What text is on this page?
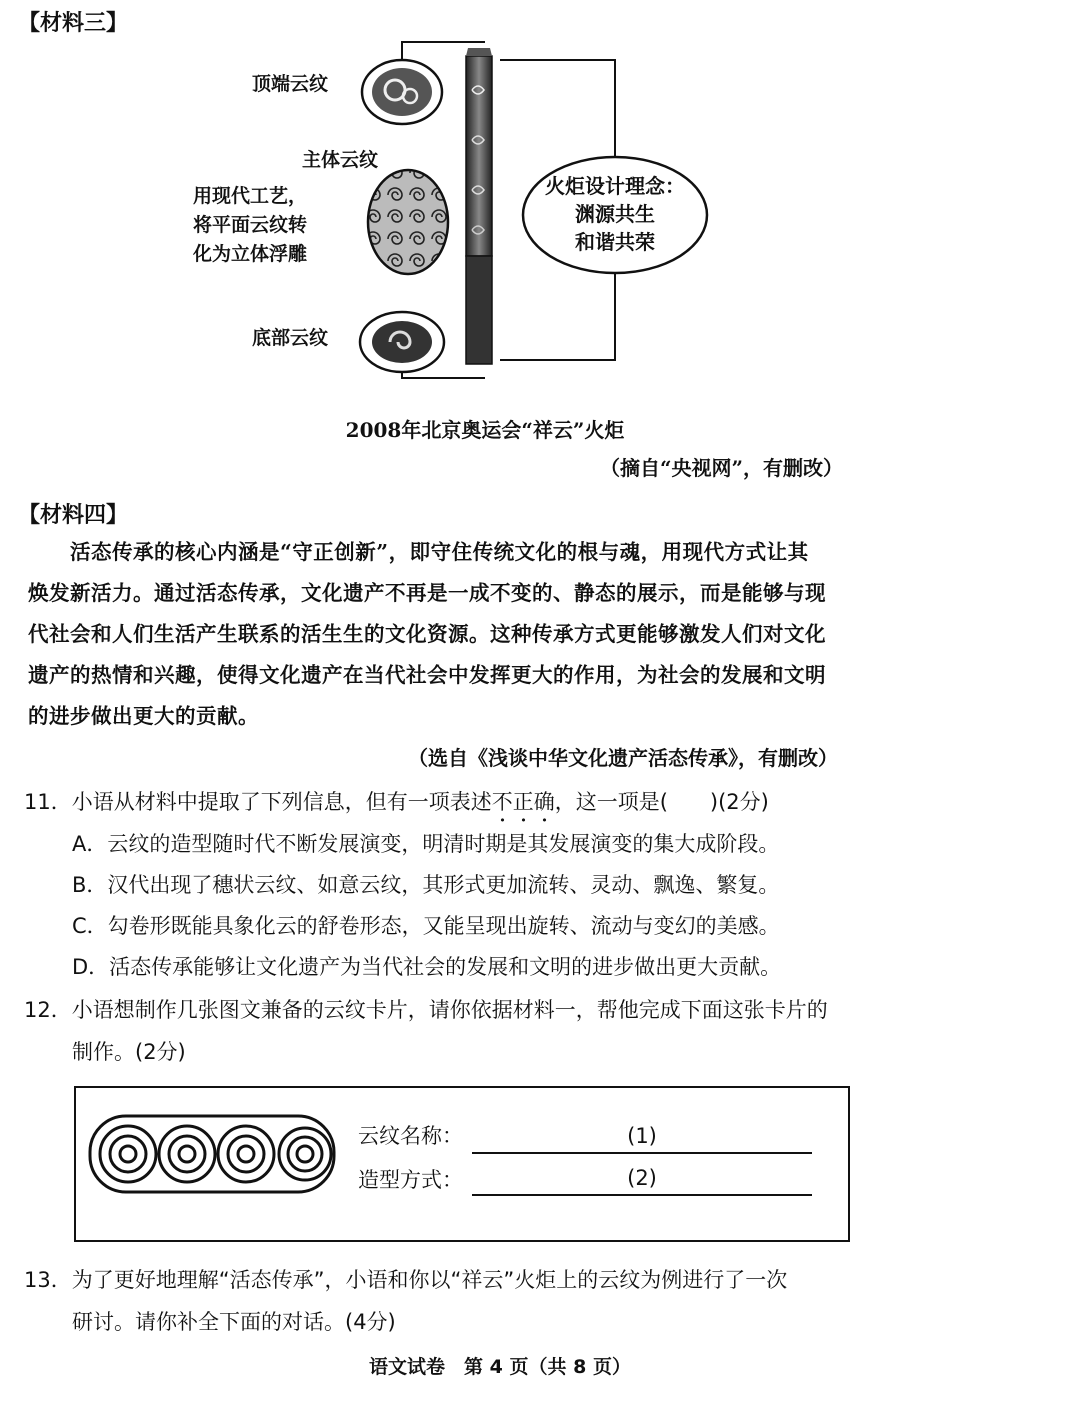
【材料三】
顶端云纹
主体云纹
用现代工艺，
将平面云纹转
化为立体浮雕
底部云纹
火炬设计理念：
渊源共生
和谐共荣
2008年北京奥运会“祥云”火炬
（摘自“央视网”，有删改）
【材料四】
活态传承的核心内涵是“守正创新”，即守住传统文化的根与魂，用现代方式让其
焕发新活力。通过活态传承，文化遗产不再是一成不变的、静态的展示，而是能够与现
代社会和人们生活产生联系的活生生的文化资源。这种传承方式更能够激发人们对文化
遗产的热情和兴趣，使得文化遗产在当代社会中发挥更大的作用，为社会的发展和文明
的进步做出更大的贡献。
（选自《浅谈中华文化遗产活态传承》，有删改）
11．小语从材料中提取了下列信息，但有一项表述不正确，这一项是(　　)(2分)
A．云纹的造型随时代不断发展演变，明清时期是其发展演变的集大成阶段。
B．汉代出现了穗状云纹、如意云纹，其形式更加流转、灵动、飘逸、繁复。
C．勾卷形既能具象化云的舒卷形态，又能呈现出旋转、流动与变幻的美感。
D．活态传承能够让文化遗产为当代社会的发展和文明的进步做出更大贡献。
12．小语想制作几张图文兼备的云纹卡片，请你依据材料一，帮他完成下面这张卡片的
制作。(2分)
云纹名称：	(1)
造型方式：	(2)
13．为了更好地理解“活态传承”，小语和你以“祥云”火炬上的云纹为例进行了一次
研讨。请你补全下面的对话。(4分)
语文试卷　第 4 页（共 8 页）
